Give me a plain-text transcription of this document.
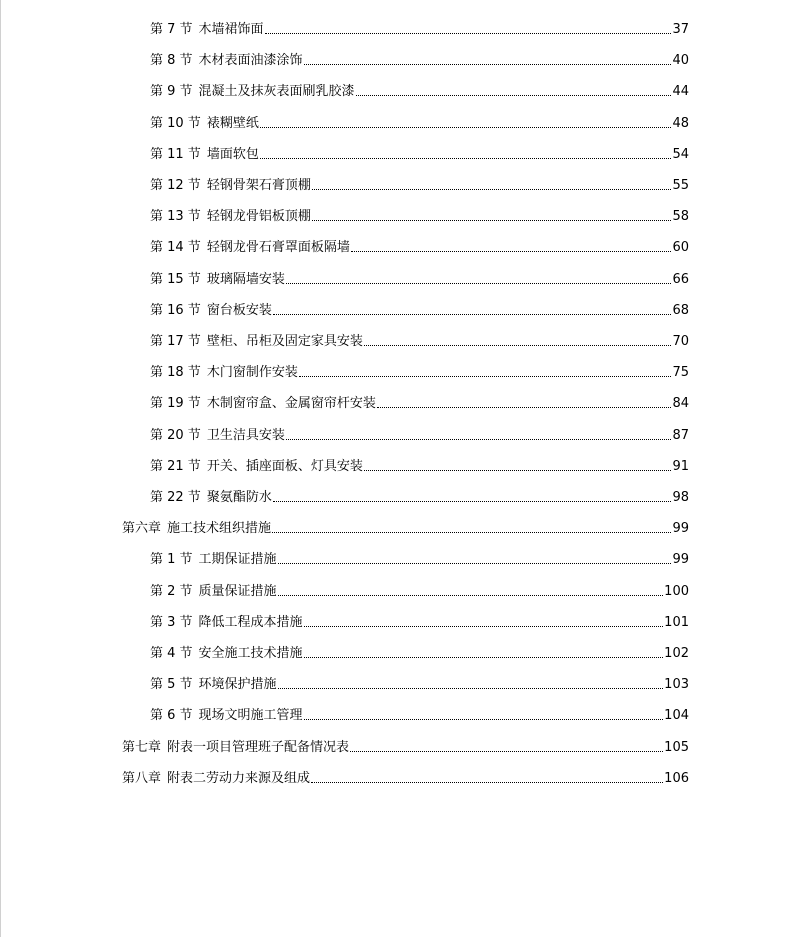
第 7 节 木墙裙饰面	37
第 8 节 木材表面油漆涂饰	40
第 9 节 混凝土及抹灰表面刷乳胶漆	44
第 10 节 裱糊壁纸	48
第 11 节 墙面软包	54
第 12 节 轻钢骨架石膏顶棚	55
第 13 节 轻钢龙骨铝板顶棚	58
第 14 节 轻钢龙骨石膏罩面板隔墙	60
第 15 节 玻璃隔墙安装	66
第 16 节 窗台板安装	68
第 17 节 壁柜、吊柜及固定家具安装	70
第 18 节 木门窗制作安装	75
第 19 节 木制窗帘盒、金属窗帘杆安装	84
第 20 节 卫生洁具安装	87
第 21 节 开关、插座面板、灯具安装	91
第 22 节 聚氨酯防水	98
第六章 施工技术组织措施	99
第 1 节 工期保证措施	99
第 2 节 质量保证措施	100
第 3 节 降低工程成本措施	101
第 4 节 安全施工技术措施	102
第 5 节 环境保护措施	103
第 6 节 现场文明施工管理	104
第七章 附表一项目管理班子配备情况表	105
第八章 附表二劳动力来源及组成	106
